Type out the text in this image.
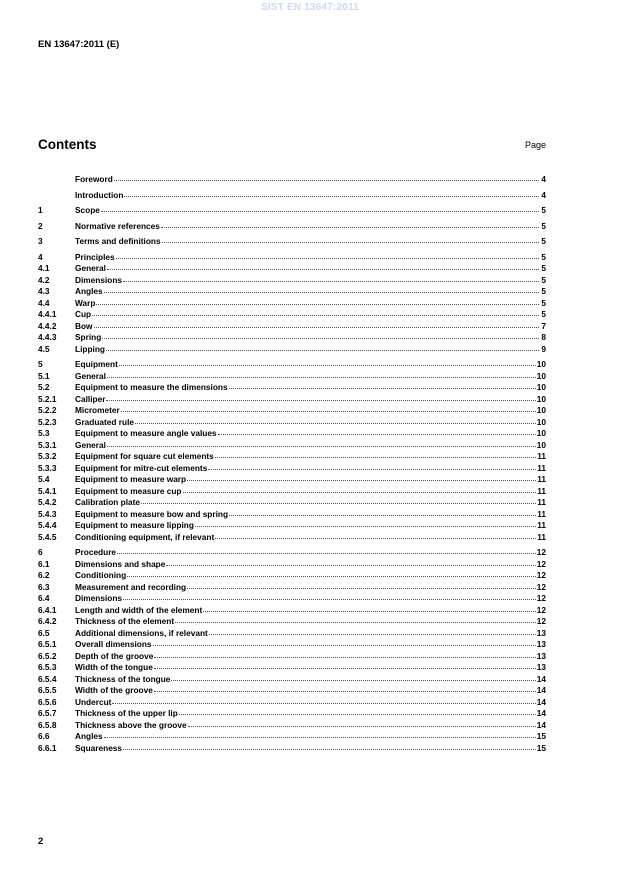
SIST EN 13647:2011
EN 13647:2011 (E)
Contents	Page
Foreword	4
Introduction	4
1	Scope	5
2	Normative references	5
3	Terms and definitions	5
4	Principles	5
4.1	General	5
4.2	Dimensions	5
4.3	Angles	5
4.4	Warp	5
4.4.1	Cup	5
4.4.2	Bow	7
4.4.3	Spring	8
4.5	Lipping	9
5	Equipment	10
5.1	General	10
5.2	Equipment to measure the dimensions	10
5.2.1	Calliper	10
5.2.2	Micrometer	10
5.2.3	Graduated rule	10
5.3	Equipment to measure angle values	10
5.3.1	General	10
5.3.2	Equipment for square cut elements	11
5.3.3	Equipment for mitre-cut elements	11
5.4	Equipment to measure warp	11
5.4.1	Equipment to measure cup	11
5.4.2	Calibration plate	11
5.4.3	Equipment to measure bow and spring	11
5.4.4	Equipment to measure lipping	11
5.4.5	Conditioning equipment, if relevant	11
6	Procedure	12
6.1	Dimensions and shape	12
6.2	Conditioning	12
6.3	Measurement and recording	12
6.4	Dimensions	12
6.4.1	Length and width of the element	12
6.4.2	Thickness of the element	12
6.5	Additional dimensions, if relevant	13
6.5.1	Overall dimensions	13
6.5.2	Depth of the groove	13
6.5.3	Width of the tongue	13
6.5.4	Thickness of the tongue	14
6.5.5	Width of the groove	14
6.5.6	Undercut	14
6.5.7	Thickness of the upper lip	14
6.5.8	Thickness above the groove	14
6.6	Angles	15
6.6.1	Squareness	15
2
